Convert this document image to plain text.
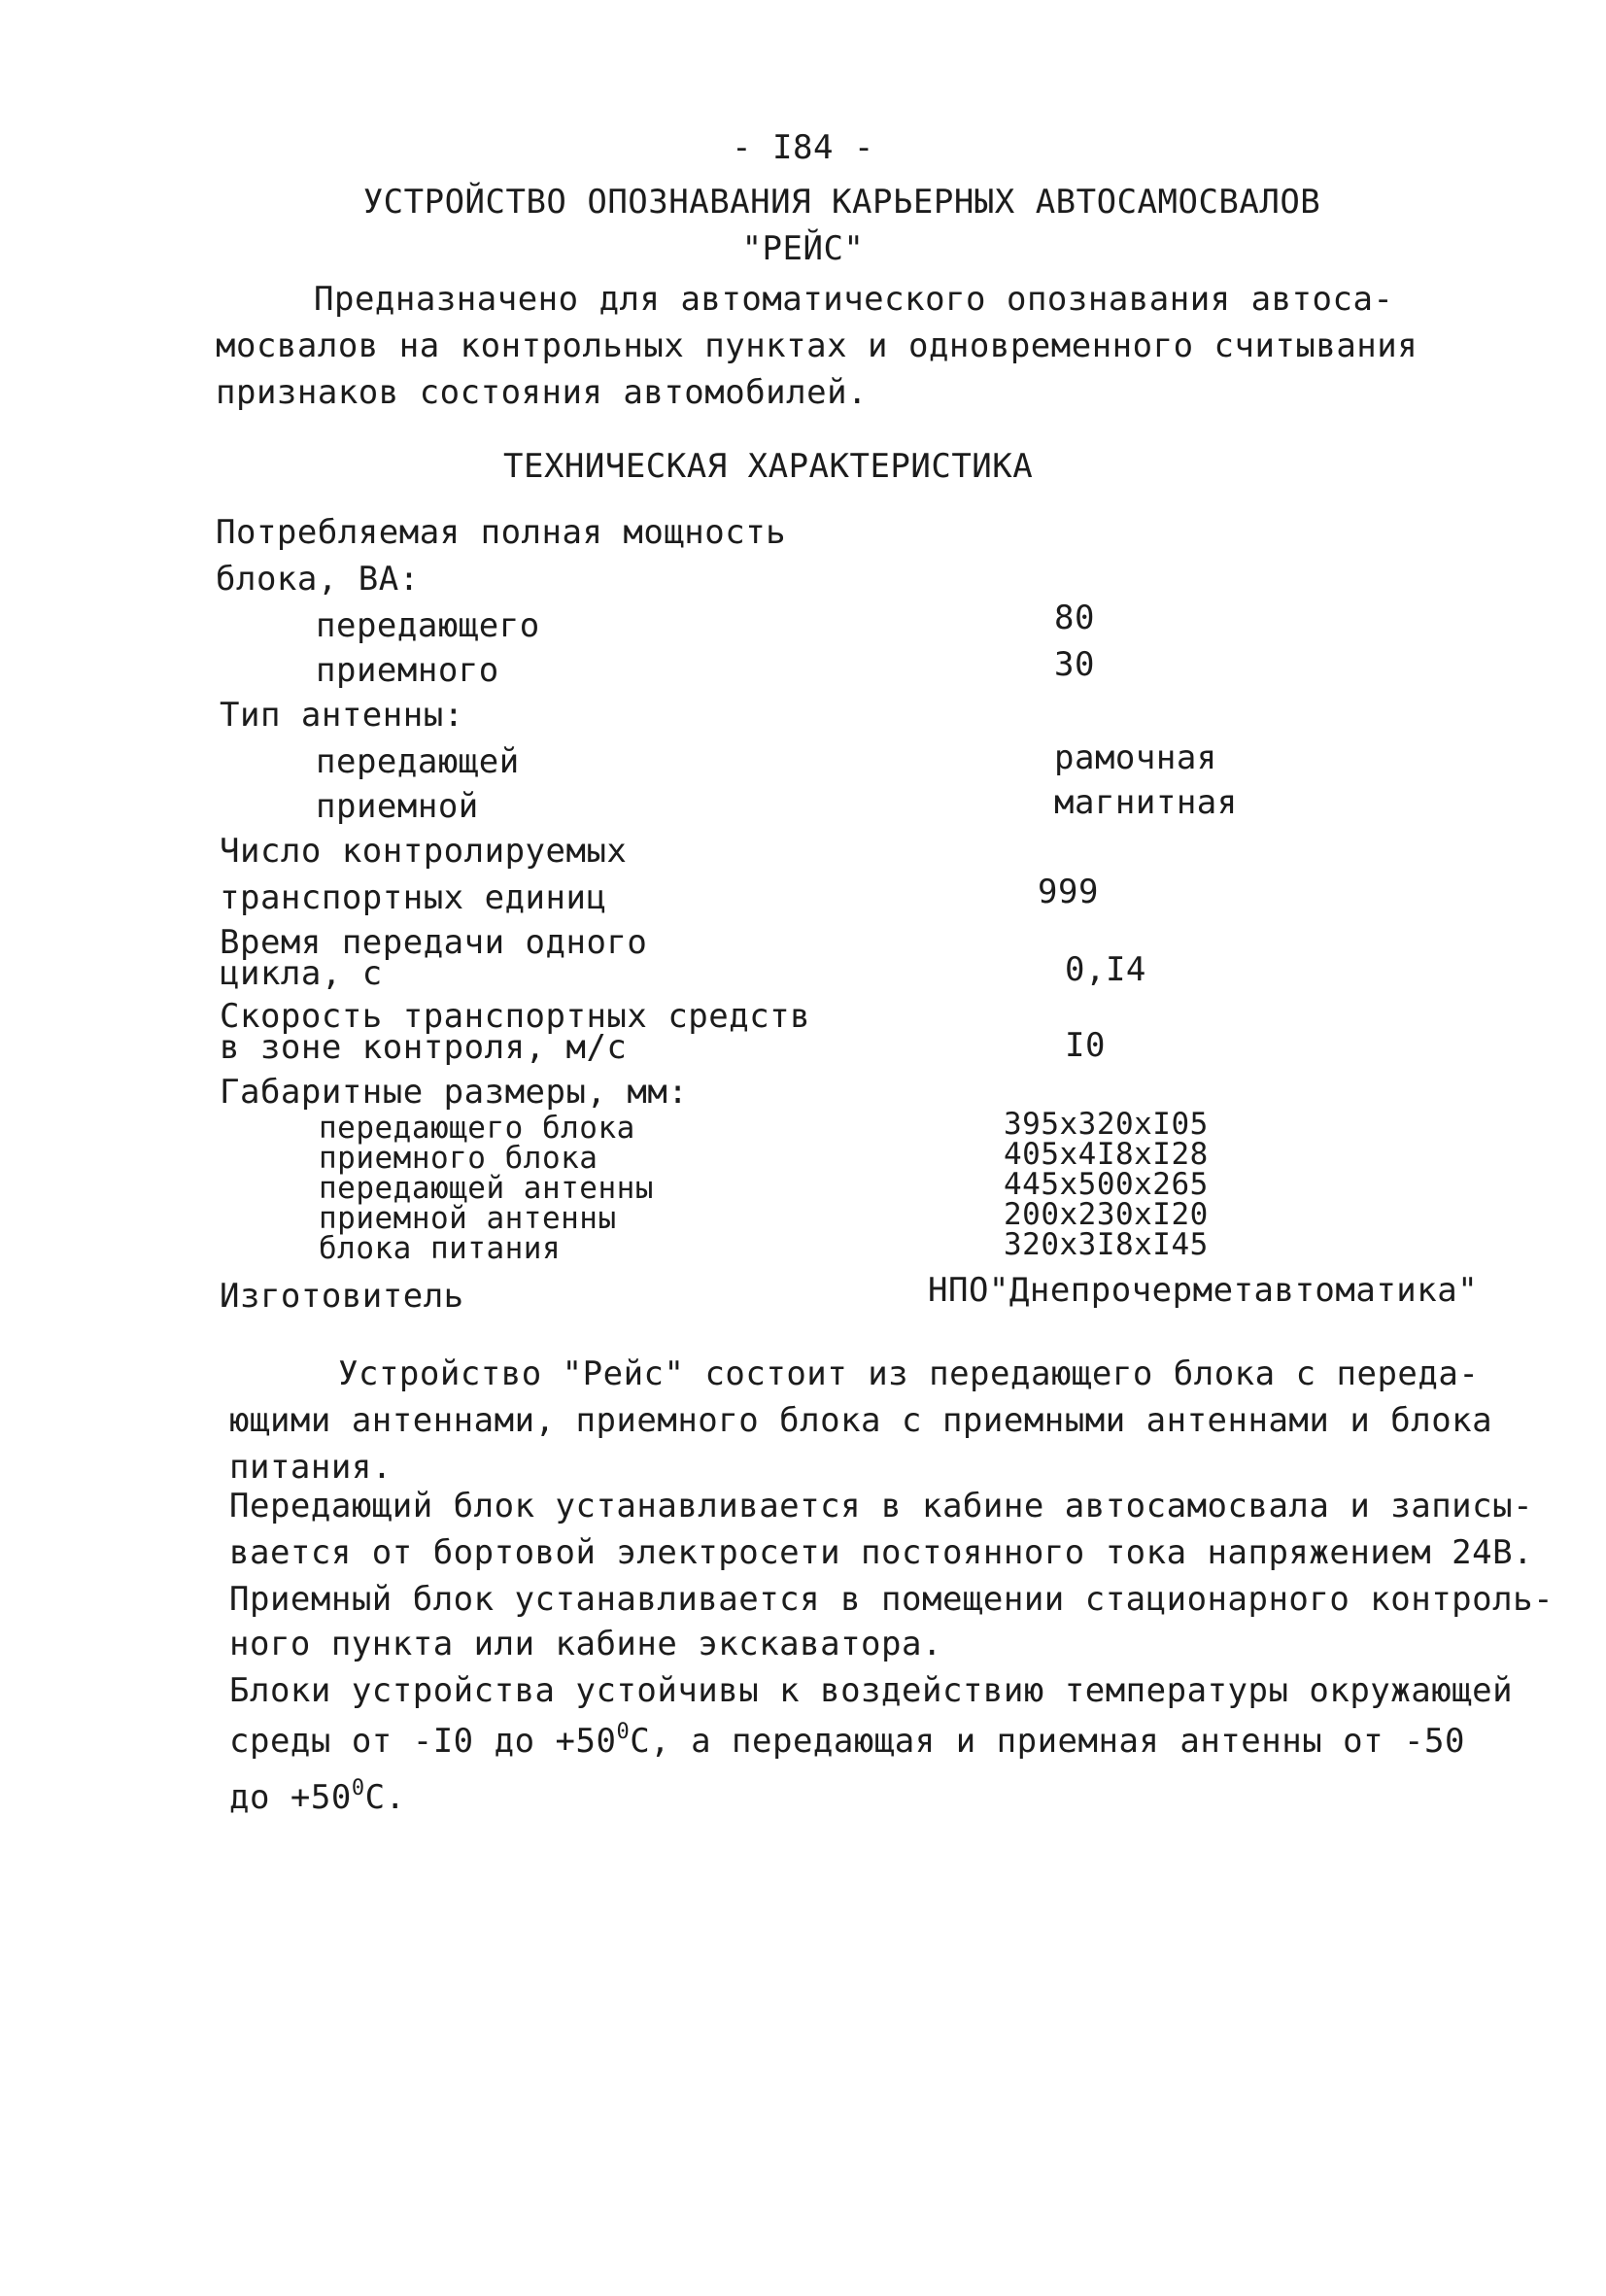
- I84 -
УСТРОЙСТВО ОПОЗНАВАНИЯ КАРЬЕРНЫХ АВТОСАМОСВАЛОВ
"РЕЙС"
Предназначено для автоматического опознавания автоса-
мосвалов на контрольных пунктах и одновременного считывания
признаков состояния автомобилей.
ТЕХНИЧЕСКАЯ ХАРАКТЕРИСТИКА
Потребляемая полная мощность
блока, ВА:
передающего	80
приемного	30
Тип антенны:
передающей	рамочная
приемной	магнитная
Число контролируемых
транспортных единиц	999
Время передачи одного
цикла, с	0,I4
Скорость транспортных средств
в зоне контроля, м/с	I0
Габаритные размеры, мм:
передающего блока	395x320xI05
приемного блока	405x4I8xI28
передающей антенны	445x500x265
приемной антенны	200x230xI20
блока питания	320x3I8xI45
Изготовитель	НПО"Днепрочерметавтоматика"
Устройство "Рейс" состоит из передающего блока с переда-
ющими антеннами, приемного блока с приемными антеннами и блока
питания.
Передающий блок устанавливается в кабине автосамосвала и записы-
вается от бортовой электросети постоянного тока напряжением 24В.
Приемный блок устанавливается в помещении стационарного контроль-
ного пункта или кабине экскаватора.
Блоки устройства устойчивы к воздействию температуры окружающей
среды от -I0 до $+50^0С$, а передающая и приемная антенны от -50
до $+50^0С$.
